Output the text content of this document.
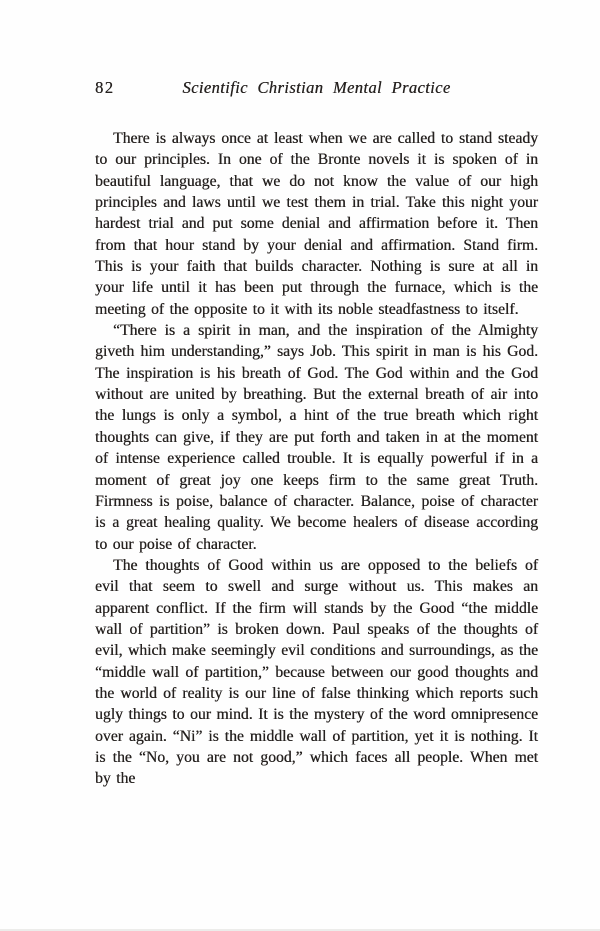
82	Scientific Christian Mental Practice

There is always once at least when we are called to stand steady to our principles. In one of the Bronte novels it is spoken of in beautiful language, that we do not know the value of our high principles and laws until we test them in trial. Take this night your hardest trial and put some denial and affirmation before it. Then from that hour stand by your denial and affirmation. Stand firm. This is your faith that builds character. Nothing is sure at all in your life until it has been put through the furnace, which is the meeting of the opposite to it with its noble steadfastness to itself.

“There is a spirit in man, and the inspiration of the Almighty giveth him understanding,” says Job. This spirit in man is his God. The inspiration is his breath of God. The God within and the God without are united by breathing. But the external breath of air into the lungs is only a symbol, a hint of the true breath which right thoughts can give, if they are put forth and taken in at the moment of intense experience called trouble. It is equally powerful if in a moment of great joy one keeps firm to the same great Truth. Firmness is poise, balance of character. Balance, poise of character is a great healing quality. We become healers of disease according to our poise of character.

The thoughts of Good within us are opposed to the beliefs of evil that seem to swell and surge without us. This makes an apparent conflict. If the firm will stands by the Good “the middle wall of partition” is broken down. Paul speaks of the thoughts of evil, which make seemingly evil conditions and surroundings, as the “middle wall of partition,” because between our good thoughts and the world of reality is our line of false thinking which reports such ugly things to our mind. It is the mystery of the word omnipresence over again. “Ni” is the middle wall of partition, yet it is nothing. It is the “No, you are not good,” which faces all people. When met by the
